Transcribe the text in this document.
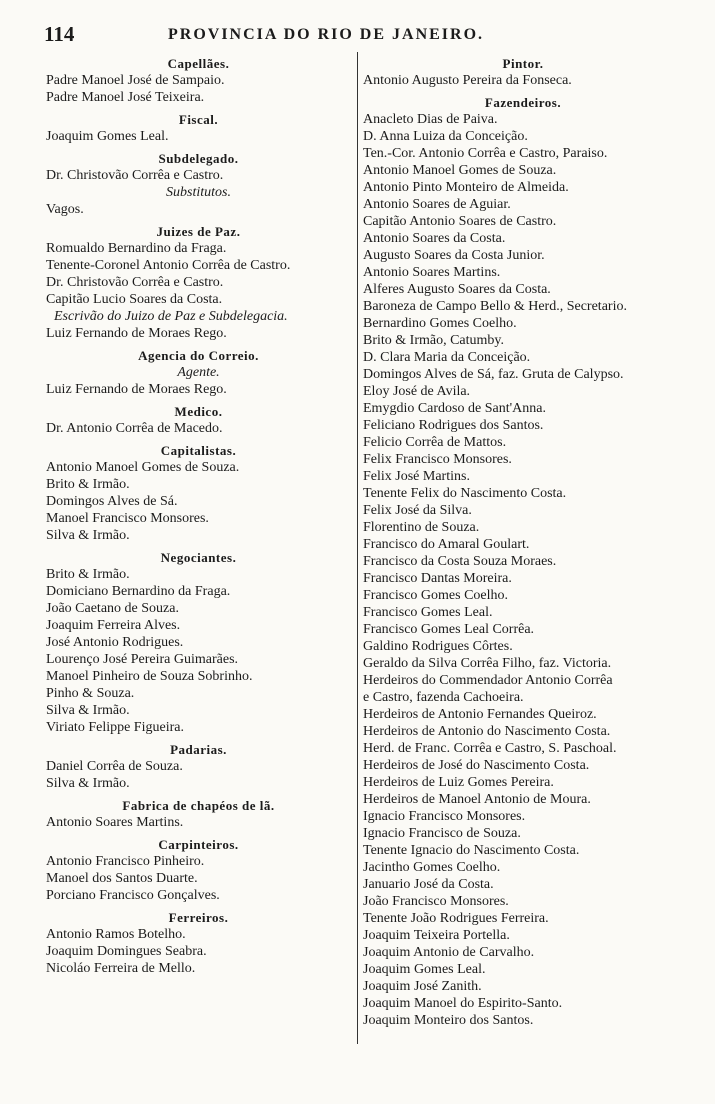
114	PROVINCIA DO RIO DE JANEIRO.
Capellães.
Padre Manoel José de Sampaio.
Padre Manoel José Teixeira.
Fiscal.
Joaquim Gomes Leal.
Subdelegado.
Dr. Christovão Corrêa e Castro.
Substitutos.
Vagos.
Juizes de Paz.
Romualdo Bernardino da Fraga.
Tenente-Coronel Antonio Corrêa de Castro.
Dr. Christovão Corrêa e Castro.
Capitão Lucio Soares da Costa.
Escrivão do Juizo de Paz e Subdelegacia.
Luiz Fernando de Moraes Rego.
Agencia do Correio.
Agente.
Luiz Fernando de Moraes Rego.
Medico.
Dr. Antonio Corrêa de Macedo.
Capitalistas.
Antonio Manoel Gomes de Souza.
Brito & Irmão.
Domingos Alves de Sá.
Manoel Francisco Monsores.
Silva & Irmão.
Negociantes.
Brito & Irmão.
Domiciano Bernardino da Fraga.
João Caetano de Souza.
Joaquim Ferreira Alves.
José Antonio Rodrigues.
Lourenço José Pereira Guimarães.
Manoel Pinheiro de Souza Sobrinho.
Pinho & Souza.
Silva & Irmão.
Viriato Felippe Figueira.
Padarias.
Daniel Corrêa de Souza.
Silva & Irmão.
Fabrica de chapéos de lã.
Antonio Soares Martins.
Carpinteiros.
Antonio Francisco Pinheiro.
Manoel dos Santos Duarte.
Porciano Francisco Gonçalves.
Ferreiros.
Antonio Ramos Botelho.
Joaquim Domingues Seabra.
Nicoláo Ferreira de Mello.
Pintor.
Antonio Augusto Pereira da Fonseca.
Fazendeiros.
Anacleto Dias de Paiva.
D. Anna Luiza da Conceição.
Ten.-Cor. Antonio Corrêa e Castro, Paraiso.
Antonio Manoel Gomes de Souza.
Antonio Pinto Monteiro de Almeida.
Antonio Soares de Aguiar.
Capitão Antonio Soares de Castro.
Antonio Soares da Costa.
Augusto Soares da Costa Junior.
Antonio Soares Martins.
Alferes Augusto Soares da Costa.
Baroneza de Campo Bello & Herd., Secretario.
Bernardino Gomes Coelho.
Brito & Irmão, Catumby.
D. Clara Maria da Conceição.
Domingos Alves de Sá, faz. Gruta de Calypso.
Eloy José de Avila.
Emygdio Cardoso de Sant'Anna.
Feliciano Rodrigues dos Santos.
Felicio Corrêa de Mattos.
Felix Francisco Monsores.
Felix José Martins.
Tenente Felix do Nascimento Costa.
Felix José da Silva.
Florentino de Souza.
Francisco do Amaral Goulart.
Francisco da Costa Souza Moraes.
Francisco Dantas Moreira.
Francisco Gomes Coelho.
Francisco Gomes Leal.
Francisco Gomes Leal Corrêa.
Galdino Rodrigues Côrtes.
Geraldo da Silva Corrêa Filho, faz. Victoria.
Herdeiros do Commendador Antonio Corrêa
e Castro, fazenda Cachoeira.
Herdeiros de Antonio Fernandes Queiroz.
Herdeiros de Antonio do Nascimento Costa.
Herd. de Franc. Corrêa e Castro, S. Paschoal.
Herdeiros de José do Nascimento Costa.
Herdeiros de Luiz Gomes Pereira.
Herdeiros de Manoel Antonio de Moura.
Ignacio Francisco Monsores.
Ignacio Francisco de Souza.
Tenente Ignacio do Nascimento Costa.
Jacintho Gomes Coelho.
Januario José da Costa.
João Francisco Monsores.
Tenente João Rodrigues Ferreira.
Joaquim Teixeira Portella.
Joaquim Antonio de Carvalho.
Joaquim Gomes Leal.
Joaquim José Zanith.
Joaquim Manoel do Espirito-Santo.
Joaquim Monteiro dos Santos.
